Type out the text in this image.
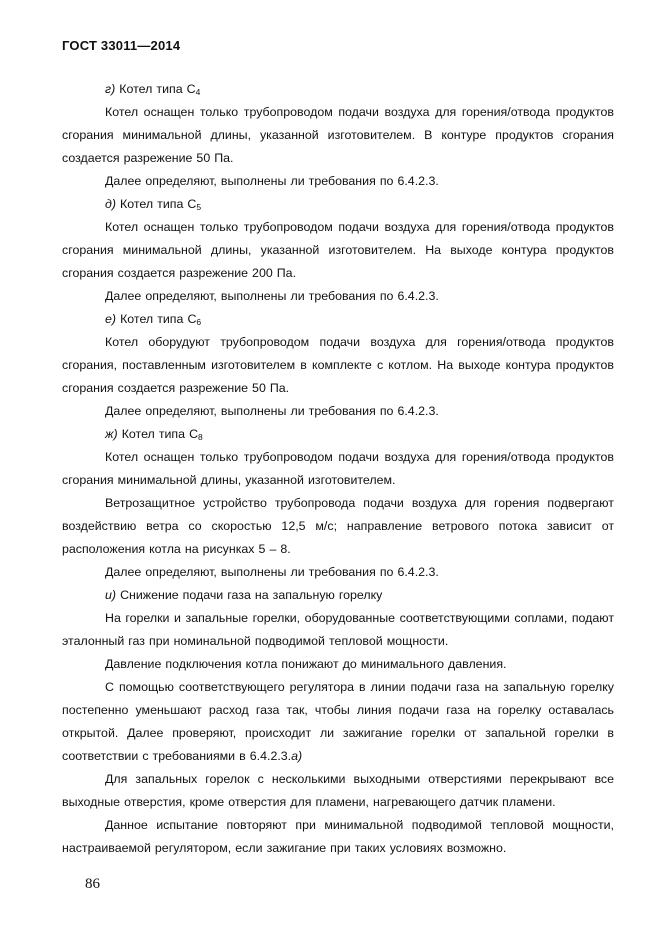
ГОСТ 33011—2014

г) Котел типа $С_4$

Котел оснащен только трубопроводом подачи воздуха для горения/отвода продуктов сгорания минимальной длины, указанной изготовителем. В контуре продуктов сгорания создается разрежение 50 Па.

Далее определяют, выполнены ли требования по 6.4.2.3.

д) Котел типа $С_5$

Котел оснащен только трубопроводом подачи воздуха для горения/отвода продуктов сгорания минимальной длины, указанной изготовителем. На выходе контура продуктов сгорания создается разрежение 200 Па.

Далее определяют, выполнены ли требования по 6.4.2.3.

е) Котел типа $С_6$

Котел оборудуют трубопроводом подачи воздуха для горения/отвода продуктов сгорания, поставленным изготовителем в комплекте с котлом. На выходе контура продуктов сгорания создается разрежение 50 Па.

Далее определяют, выполнены ли требования по 6.4.2.3.

ж) Котел типа $С_8$

Котел оснащен только трубопроводом подачи воздуха для горения/отвода продуктов сгорания минимальной длины, указанной изготовителем.

Ветрозащитное устройство трубопровода подачи воздуха для горения подвергают воздействию ветра со скоростью 12,5 м/с; направление ветрового потока зависит от расположения котла на рисунках 5 – 8.

Далее определяют, выполнены ли требования по 6.4.2.3.

и) Снижение подачи газа на запальную горелку

На горелки и запальные горелки, оборудованные соответствующими соплами, подают эталонный газ при номинальной подводимой тепловой мощности.

Давление подключения котла понижают до минимального давления.

С помощью соответствующего регулятора в линии подачи газа на запальную горелку постепенно уменьшают расход газа так, чтобы линия подачи газа на горелку оставалась открытой. Далее проверяют, происходит ли зажигание горелки от запальной горелки в соответствии с требованиями в 6.4.2.3.а)

Для запальных горелок с несколькими выходными отверстиями перекрывают все выходные отверстия, кроме отверстия для пламени, нагревающего датчик пламени.

Данное испытание повторяют при минимальной подводимой тепловой мощности, настраиваемой регулятором, если зажигание при таких условиях возможно.

86
